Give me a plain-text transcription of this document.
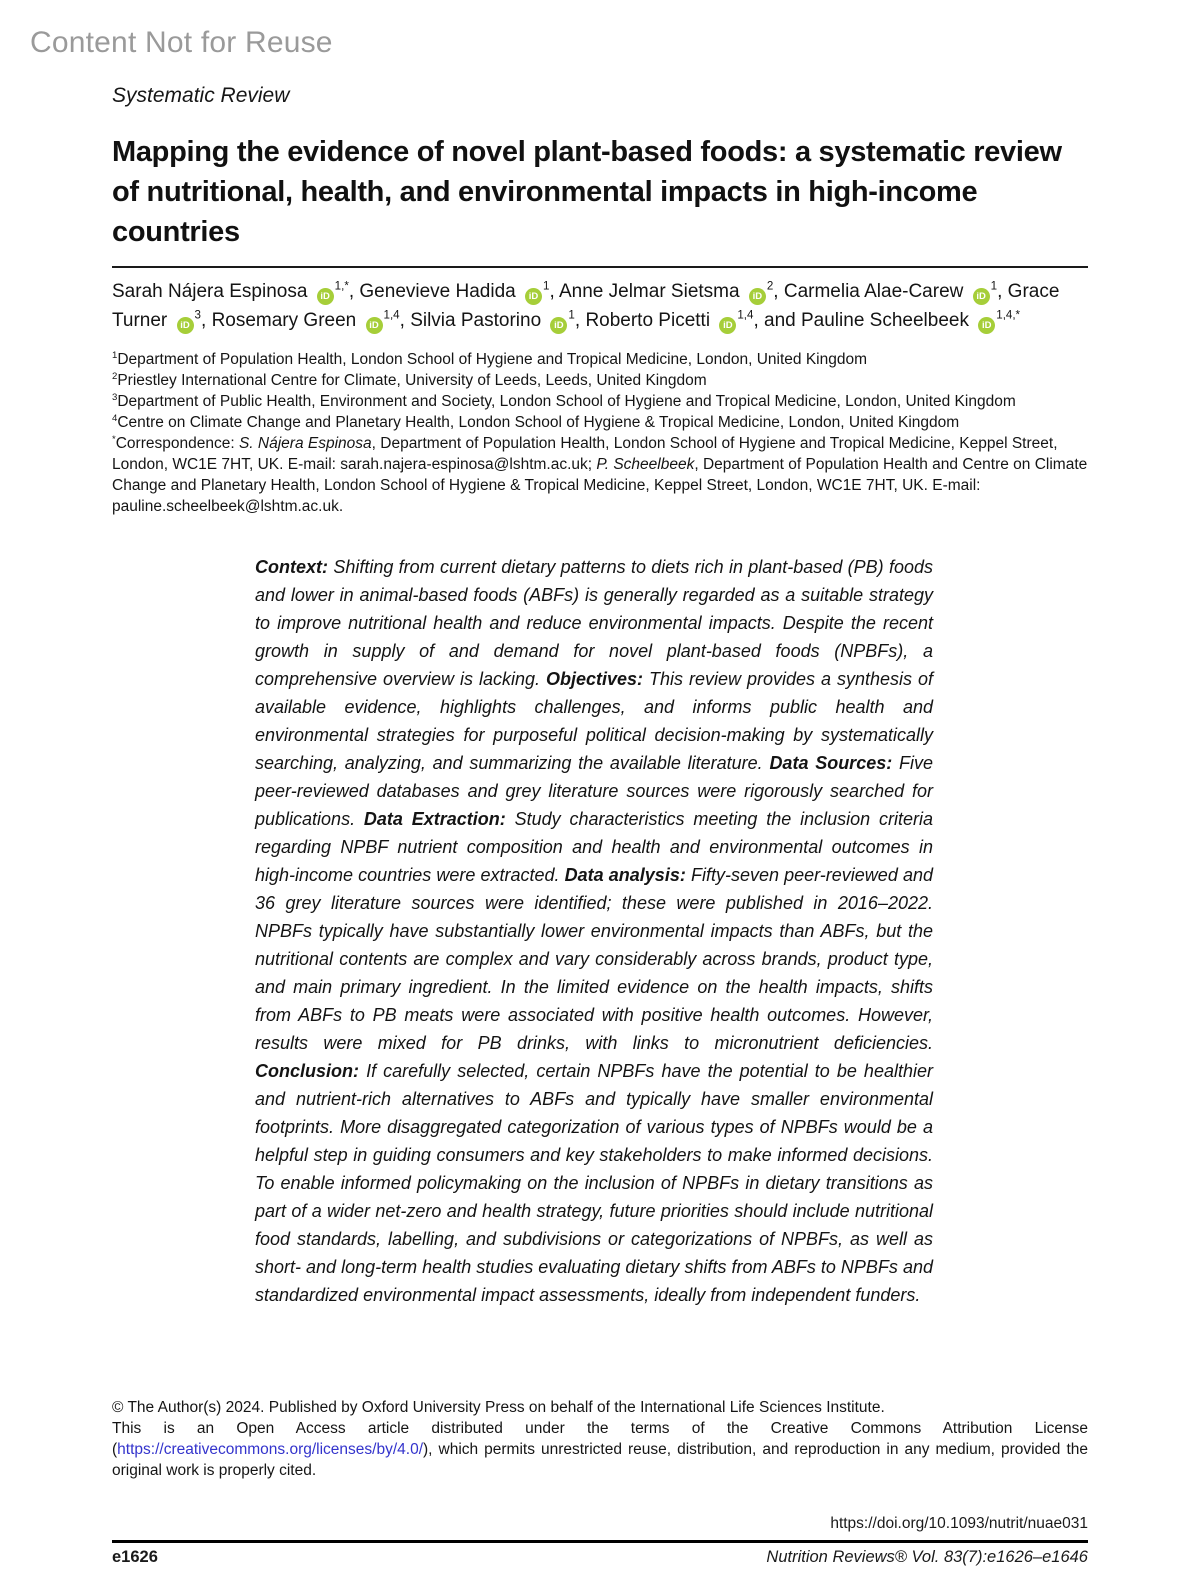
Content Not for Reuse
Systematic Review
Mapping the evidence of novel plant-based foods: a systematic review of nutritional, health, and environmental impacts in high-income countries
Sarah Nájera Espinosa $iD^{1,*}$, Genevieve Hadida $iD^1$, Anne Jelmar Sietsma $iD^2$, Carmelia Alae-Carew $iD^1$, Grace Turner $iD^3$, Rosemary Green iD$^{1,4}$, Silvia Pastorino $iD^1$, Roberto Picetti iD$^{1,4}$, and Pauline Scheelbeek $iD^{1,4,*}$
$^1$Department of Population Health, London School of Hygiene and Tropical Medicine, London, United Kingdom
$^2$Priestley International Centre for Climate, University of Leeds, Leeds, United Kingdom
$^3$Department of Public Health, Environment and Society, London School of Hygiene and Tropical Medicine, London, United Kingdom
$^4$Centre on Climate Change and Planetary Health, London School of Hygiene & Tropical Medicine, London, United Kingdom
*Correspondence: S. Nájera Espinosa, Department of Population Health, London School of Hygiene and Tropical Medicine, Keppel Street, London, WC1E 7HT, UK. E-mail: sarah.najera-espinosa@lshtm.ac.uk; P. Scheelbeek, Department of Population Health and Centre on Climate Change and Planetary Health, London School of Hygiene & Tropical Medicine, Keppel Street, London, WC1E 7HT, UK. E-mail: pauline.scheelbeek@lshtm.ac.uk.
Context: Shifting from current dietary patterns to diets rich in plant-based (PB) foods and lower in animal-based foods (ABFs) is generally regarded as a suitable strategy to improve nutritional health and reduce environmental impacts. Despite the recent growth in supply of and demand for novel plant-based foods (NPBFs), a comprehensive overview is lacking. Objectives: This review provides a synthesis of available evidence, highlights challenges, and informs public health and environmental strategies for purposeful political decision-making by systematically searching, analyzing, and summarizing the available literature. Data Sources: Five peer-reviewed databases and grey literature sources were rigorously searched for publications. Data Extraction: Study characteristics meeting the inclusion criteria regarding NPBF nutrient composition and health and environmental outcomes in high-income countries were extracted. Data analysis: Fifty-seven peer-reviewed and 36 grey literature sources were identified; these were published in 2016–2022. NPBFs typically have substantially lower environmental impacts than ABFs, but the nutritional contents are complex and vary considerably across brands, product type, and main primary ingredient. In the limited evidence on the health impacts, shifts from ABFs to PB meats were associated with positive health outcomes. However, results were mixed for PB drinks, with links to micronutrient deficiencies. Conclusion: If carefully selected, certain NPBFs have the potential to be healthier and nutrient-rich alternatives to ABFs and typically have smaller environmental footprints. More disaggregated categorization of various types of NPBFs would be a helpful step in guiding consumers and key stakeholders to make informed decisions. To enable informed policymaking on the inclusion of NPBFs in dietary transitions as part of a wider net-zero and health strategy, future priorities should include nutritional food standards, labelling, and subdivisions or categorizations of NPBFs, as well as short- and long-term health studies evaluating dietary shifts from ABFs to NPBFs and standardized environmental impact assessments, ideally from independent funders.
© The Author(s) 2024. Published by Oxford University Press on behalf of the International Life Sciences Institute.
This is an Open Access article distributed under the terms of the Creative Commons Attribution License (https://creativecommons.org/licenses/by/4.0/), which permits unrestricted reuse, distribution, and reproduction in any medium, provided the original work is properly cited.
https://doi.org/10.1093/nutrit/nuae031
e1626	Nutrition Reviews® Vol. 83(7):e1626–e1646
